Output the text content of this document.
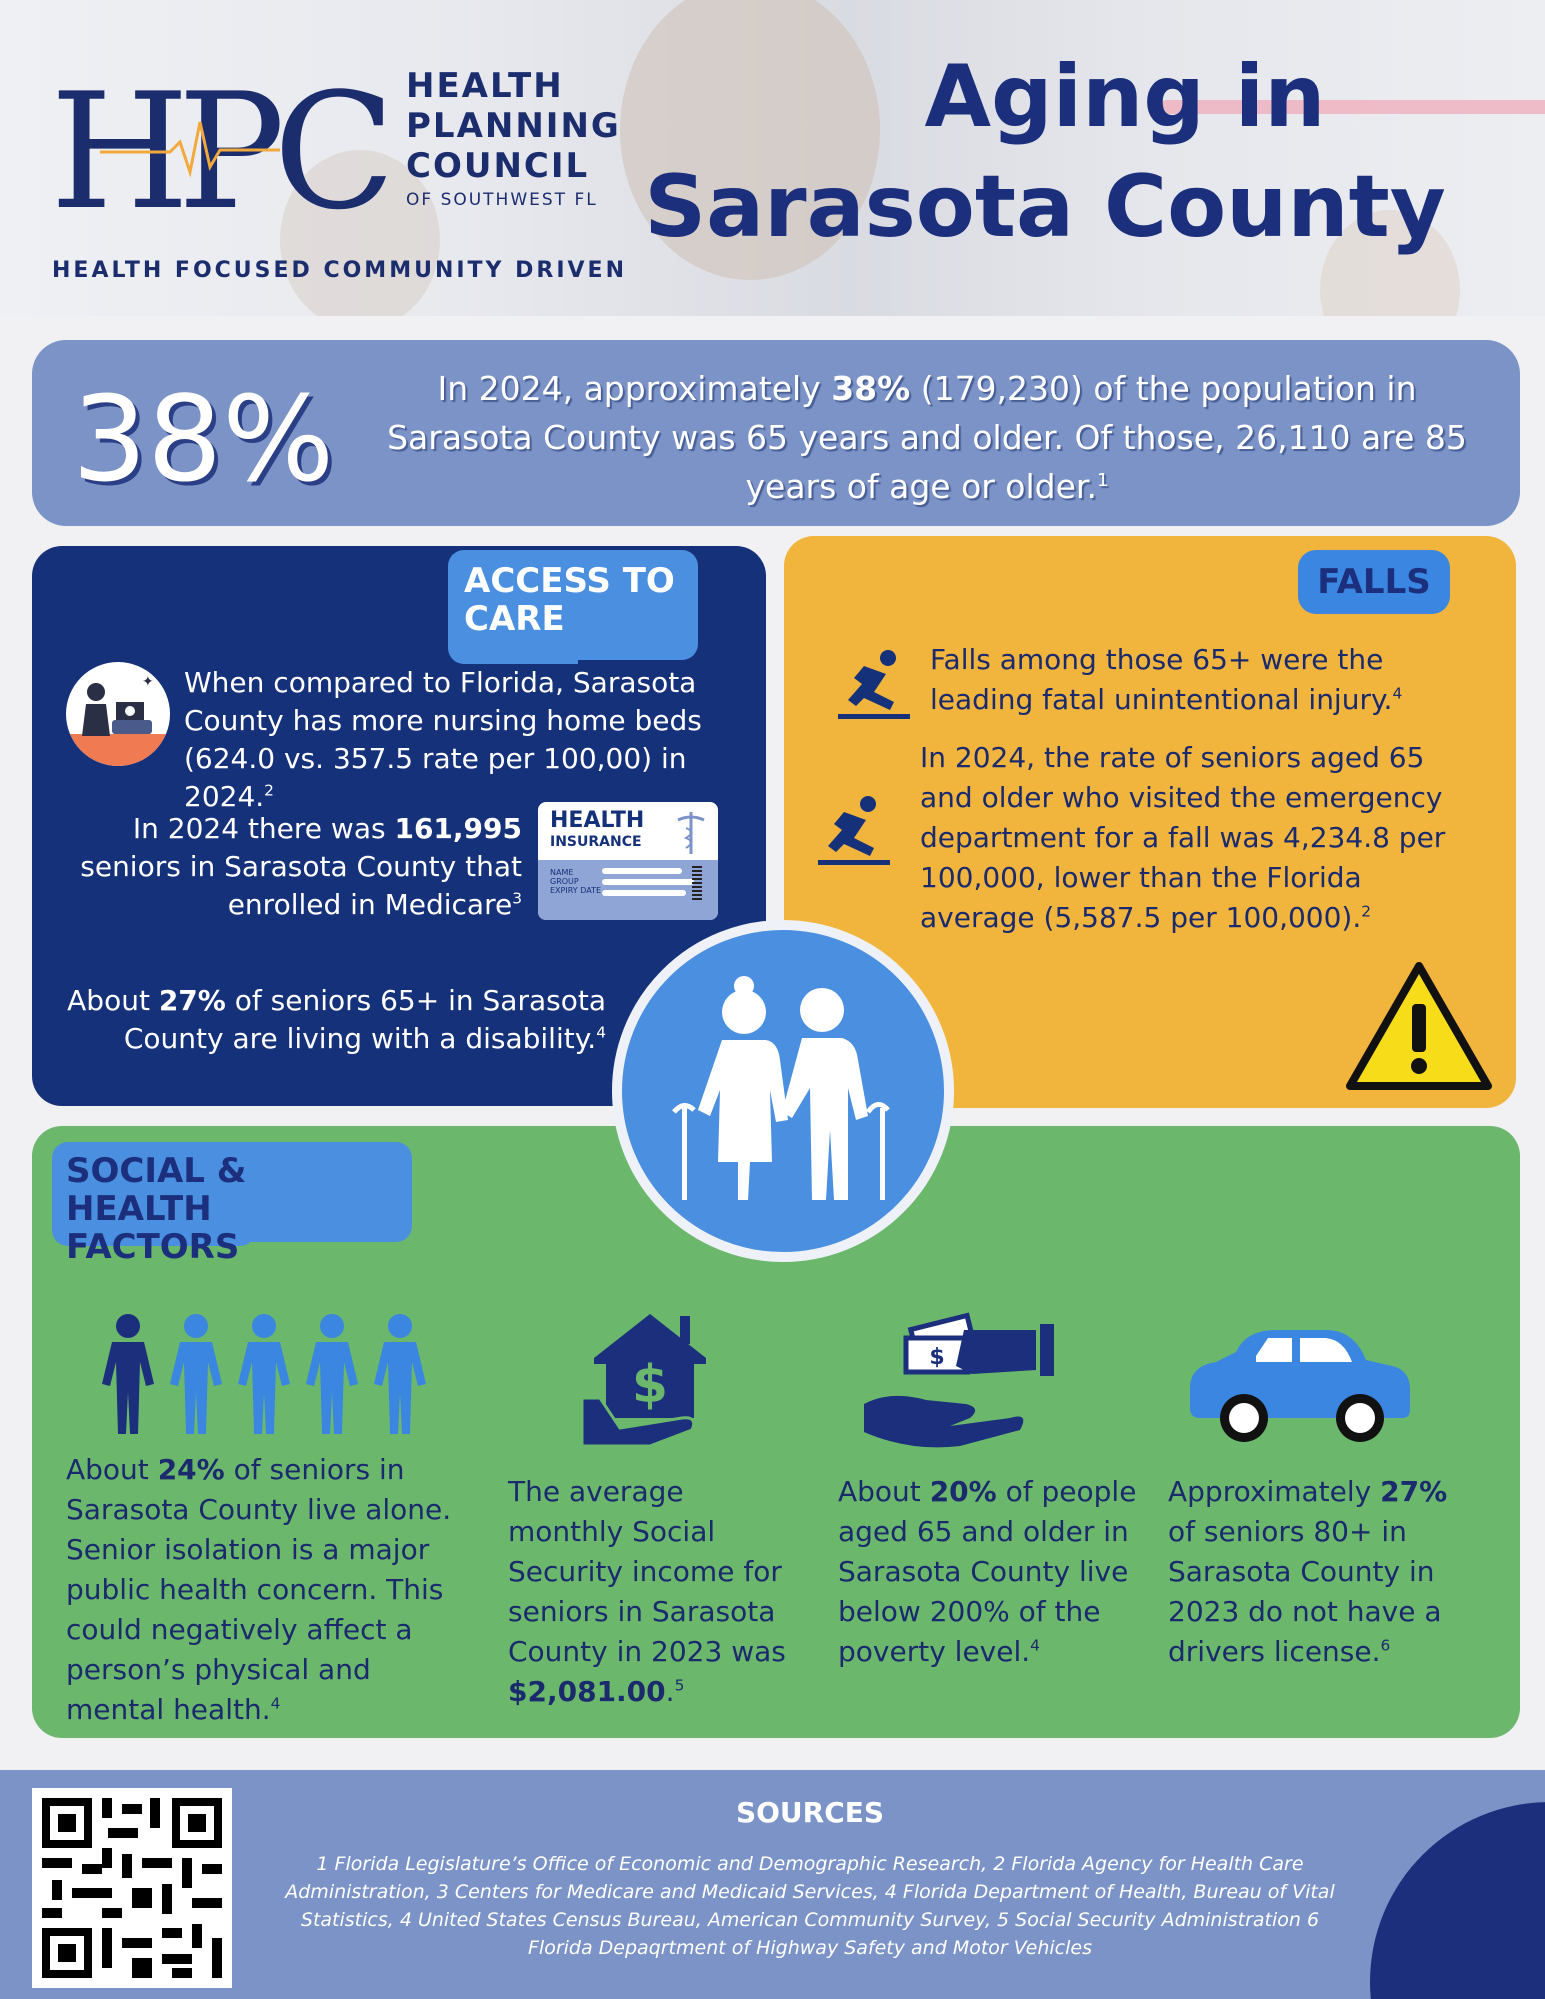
HPC HEALTH
PLANNING
COUNCIL
OF SOUTHWEST FL
HEALTH FOCUSED COMMUNITY DRIVEN
Aging in
Sarasota County
38%	In 2024, approximately 38% (179,230) of the population in Sarasota County was 65 years and older. Of those, 26,110 are 85 years of age or older.$^1$
ACCESS TO
CARE
✦ When compared to Florida, Sarasota County has more nursing home beds (624.0 vs. 357.5 rate per 100,00) in 2024.$^2$
In 2024 there was 161,995 seniors in Sarasota County that enrolled in Medicare$^3$
HEALTH
INSURANCE
NAME
GROUP
EXPIRY DATE
About 27% of seniors 65+ in Sarasota County are living with a disability.$^4$
FALLS
Falls among those 65+ were the leading fatal unintentional injury.$^4$
In 2024, the rate of seniors aged 65 and older who visited the emergency department for a fall was 4,234.8 per 100,000, lower than the Florida average (5,587.5 per 100,000).$^2$
SOCIAL & HEALTH
FACTORS
About 24% of seniors in Sarasota County live alone. Senior isolation is a major public health concern. This could negatively affect a person’s physical and mental health.$^4$
$
The average monthly Social Security income for seniors in Sarasota County in 2023 was $2,081.00.$^5$
$
About 20% of people aged 65 and older in Sarasota County live below 200% of the poverty level.$^4$
Approximately 27% of seniors 80+ in Sarasota County in 2023 do not have a drivers license.$^6$
SOURCES
1 Florida Legislature’s Office of Economic and Demographic Research, 2 Florida Agency for Health Care Administration, 3 Centers for Medicare and Medicaid Services, 4 Florida Department of Health, Bureau of Vital Statistics, 4 United States Census Bureau, American Community Survey, 5 Social Security Administration 6 Florida Depaqrtment of Highway Safety and Motor Vehicles
